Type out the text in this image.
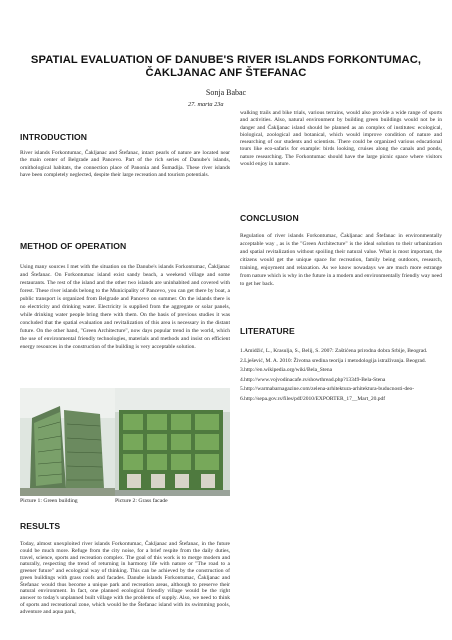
SPATIAL EVALUATION OF DANUBE'S RIVER ISLANDS FORKONTUMAC, ČAKLJANAC ANF ŠTEFANAC
Sonja Babac
27. marta 23a
INTRODUCTION

River islands Forkontumac, Čakljanac and Štefanac, intact pearls of nature are located near the main center of Belgrade and Pancevo. Part of the rich series of Danube's islands, ornithological habitats, the connection place of Panonia and Šumadija. These river islands have been completely neglected, despite their large recreation and tourism potentials.

METHOD OF OPERATION

Using many sources I met with the situation on the Danube's islands Forkontumac, Čakljanac and Štefanac. On Forkontumac island exist sandy beach, a weekend village and some restaurants. The rest of the island and the other two islands are uninhabited and covered with forest. These river islands belong to the Municipality of Pancevo, you can get there by boat, a public transport is organized from Belgrade and Pancevo on summer. On the islands there is no electricity and drinking water. Electricity is supplied from the aggregate or solar panels, while drinking water people bring there with them. On the basis of previous studies it was concluded that the spatial evaluation and revitalization of this area is necessary in the distant future. On the other hand, "Green Architecture", now days popular trend in the world, which the use of environmental friendly technologies, materials and methods and insist on efficient energy resources in the construction of the building is very acceptable solution.

Picture 1: Green building	Picture 2: Grass facade
RESULTS

Today, almost unexploited river islands Forkontumac, Čakljanac and Štefanac, in the future could be much more. Refuge from the city noise, for a brief respite from the daily duties, travel, science, sports and recreation complex. The goal of this work is to merge modern and naturally, respecting the trend of returning in harmony life with nature or "The road to a greener future" and ecological way of thinking. This can be achieved by the construction of green buildings with grass roofs and facades. Danube islands Forkontumac, Čakljanac and Štefanac would thus become a unique park and recreation areas, although to preserve their natural environment. In fact, one planned ecological friendly village would be the right answer to today's unplanned built village with the problems of supply. Also, we need to think of sports and recreational zone, which would be the Štefanac island with its swimming pools, adventure and aqua park,

walking trails and bike trials, various terrains, would also provide a wide range of sports and activities. Also, natural environment by building green buildings would not be in danger and Čakljanac island should be planned as an complex of institutes: ecological, biological, zoological and botanical, which would improve condition of nature and researching of our students and scientists. There could be organized various educational tours like eco-safaris for example: birds looking, cruises along the canals and ponds, nature researching. The Forkontumac should have the large picnic space where visitors would enjoy in nature.

CONCLUSION

Regulation of river islands Forkontumac, Čakljanac and Štefanac in environmentally acceptable way , as is the "Green Architecture" is the ideal solution to their urbanization and spatial revitalization without spoiling their natural value. What is most important, the citizens would get the unique space for recreation, family being outdoors, research, training, enjoyment and relaxation. As we know nowadays we are much more estrange from nature which is why in the future in a modern and environmentally friendly way need to get her back.

LITERATURE
1.Amidžić, L., Krasulja, S., Belij, S. 2007: Zaštićena prirodna dobra Srbije, Beograd.
2.Lješević, M. A. 2010: Životna sredina teorija i metodologija istraživanja. Beograd.
3.http://en.wikipedia.org/wiki/Bela_Stena
4.http://www.vojvodinacafe.rs/showthread.php?13349-Bela-Stena
5.http://warmabarnagazine.com/zelena-arhitektura-arhitektura-buducnosti-deo-
6.http://sepa.gov.rs/files/pdf/2010/EXPORTER_17__Mart_20.pdf
